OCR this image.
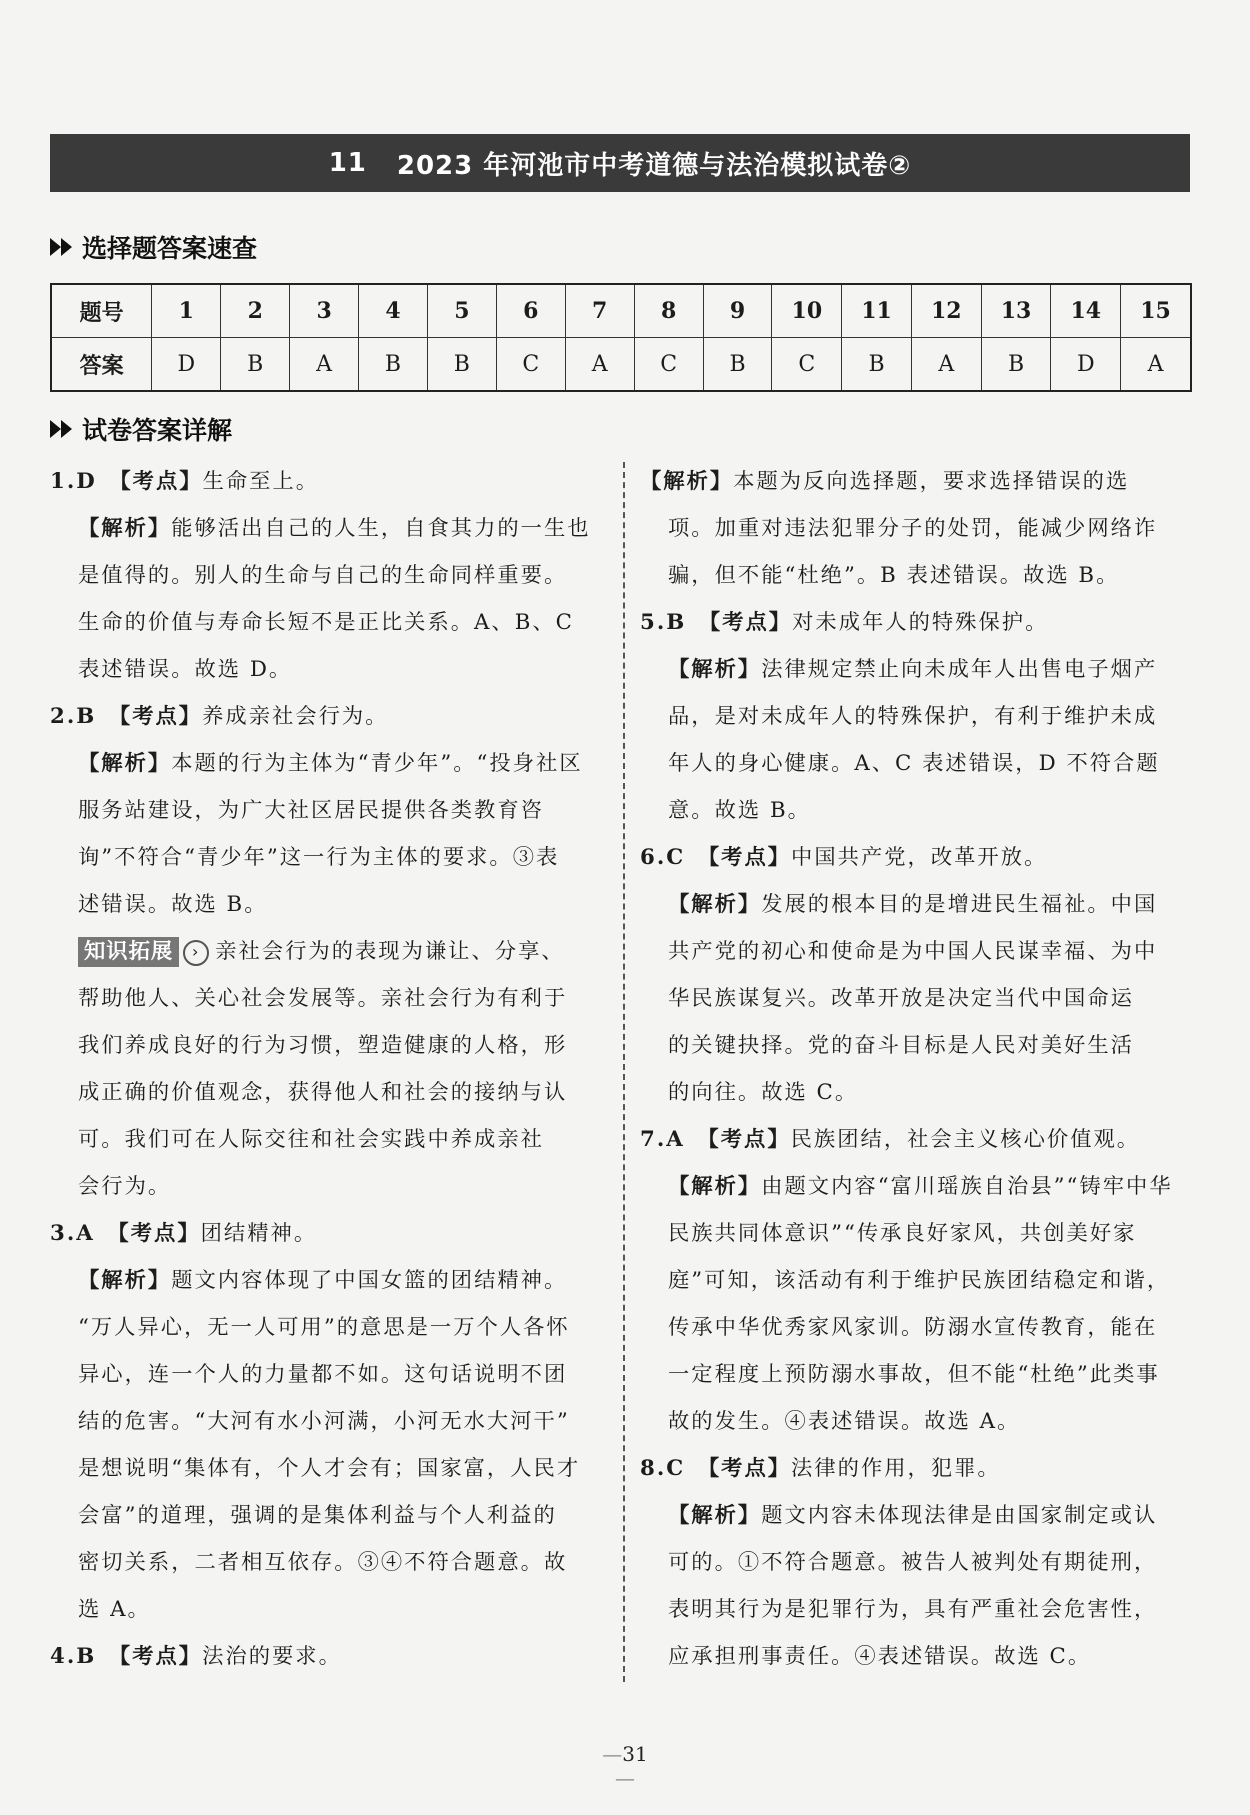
11 2023 年河池市中考道德与法治模拟试卷②
选择题答案速查
题号	1	2	3	4	5	6	7	8	9	10	11	12	13	14	15
答案	D	B	A	B	B	C	A	C	B	C	B	A	B	D	A
试卷答案详解

1.D　 【考点】生命至上。

【解析】能够活出自己的人生，自食其力的一生也

是值得的。别人的生命与自己的生命同样重要。

生命的价值与寿命长短不是正比关系。A、B、C

表述错误。故选 D。

2.B　 【考点】养成亲社会行为。

【解析】本题的行为主体为“青少年”。“投身社区

服务站建设，为广大社区居民提供各类教育咨

询”不符合“青少年”这一行为主体的要求。③表

述错误。故选 B。

知识拓展 › 亲社会行为的表现为谦让、分享、

帮助他人、关心社会发展等。亲社会行为有利于

我们养成良好的行为习惯，塑造健康的人格，形

成正确的价值观念，获得他人和社会的接纳与认

可。我们可在人际交往和社会实践中养成亲社

会行为。

3.A　 【考点】团结精神。

【解析】题文内容体现了中国女篮的团结精神。

“万人异心，无一人可用”的意思是一万个人各怀

异心，连一个人的力量都不如。这句话说明不团

结的危害。“大河有水小河满，小河无水大河干”

是想说明“集体有，个人才会有；国家富，人民才

会富”的道理，强调的是集体利益与个人利益的

密切关系，二者相互依存。③④不符合题意。故

选 A。

4.B　 【考点】法治的要求。

【解析】本题为反向选择题，要求选择错误的选

项。加重对违法犯罪分子的处罚，能减少网络诈

骗，但不能“杜绝”。B 表述错误。故选 B。

5.B　 【考点】对未成年人的特殊保护。

【解析】法律规定禁止向未成年人出售电子烟产

品，是对未成年人的特殊保护，有利于维护未成

年人的身心健康。A、C 表述错误，D 不符合题

意。故选 B。

6.C　 【考点】中国共产党，改革开放。

【解析】发展的根本目的是增进民生福祉。中国

共产党的初心和使命是为中国人民谋幸福、为中

华民族谋复兴。改革开放是决定当代中国命运

的关键抉择。党的奋斗目标是人民对美好生活

的向往。故选 C。

7.A　 【考点】民族团结，社会主义核心价值观。

【解析】由题文内容“富川瑶族自治县”“铸牢中华

民族共同体意识”“传承良好家风，共创美好家

庭”可知，该活动有利于维护民族团结稳定和谐，

传承中华优秀家风家训。防溺水宣传教育，能在

一定程度上预防溺水事故，但不能“杜绝”此类事

故的发生。④表述错误。故选 A。

8.C　 【考点】法律的作用，犯罪。

【解析】题文内容未体现法律是由国家制定或认

可的。①不符合题意。被告人被判处有期徒刑，

表明其行为是犯罪行为，具有严重社会危害性，

应承担刑事责任。④表述错误。故选 C。

— 31 —
